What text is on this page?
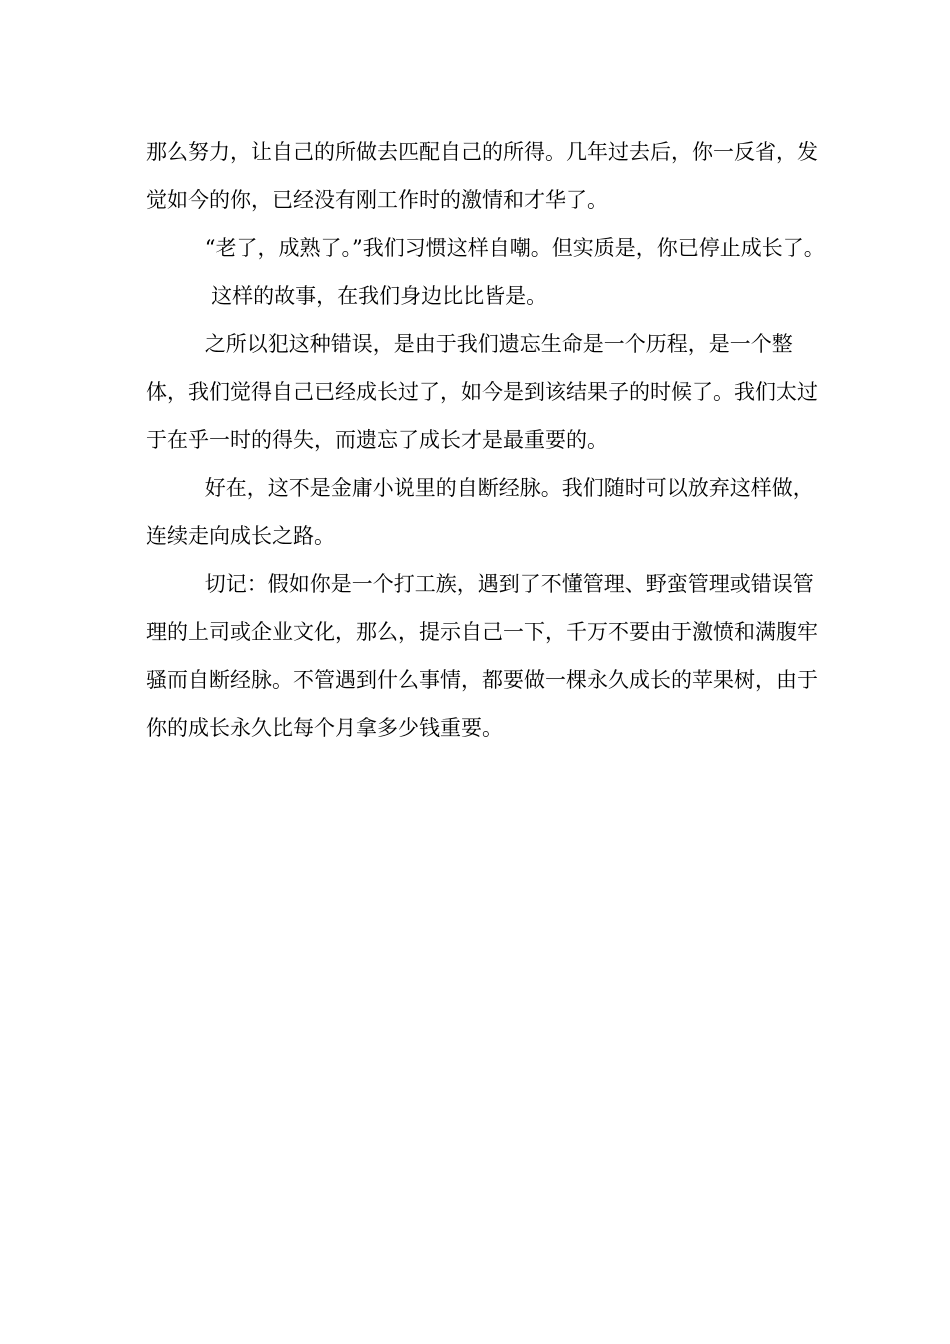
那么努力，让自己的所做去匹配自己的所得。几年过去后，你一反省，发觉如今的你，已经没有刚工作时的激情和才华了。

“老了，成熟了。”我们习惯这样自嘲。但实质是，你已停止成长了。

这样的故事，在我们身边比比皆是。

之所以犯这种错误，是由于我们遗忘生命是一个历程，是一个整体，我们觉得自己已经成长过了，如今是到该结果子的时候了。我们太过于在乎一时的得失，而遗忘了成长才是最重要的。

好在，这不是金庸小说里的自断经脉。我们随时可以放弃这样做，连续走向成长之路。

切记：假如你是一个打工族，遇到了不懂管理、野蛮管理或错误管理的上司或企业文化，那么，提示自己一下，千万不要由于激愤和满腹牢骚而自断经脉。不管遇到什么事情，都要做一棵永久成长的苹果树，由于你的成长永久比每个月拿多少钱重要。
